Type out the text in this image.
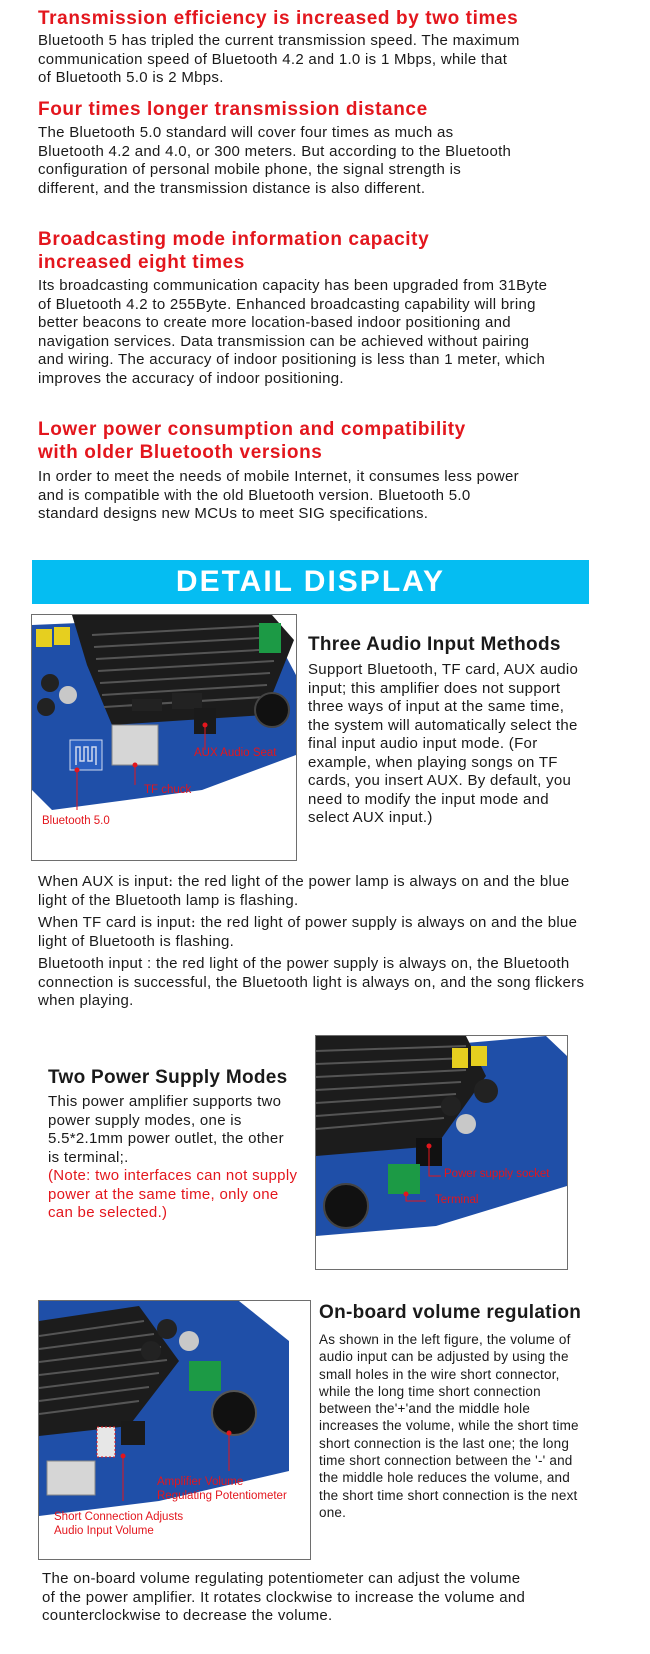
Transmission efficiency is increased by two times

Bluetooth 5 has tripled the current transmission speed. The maximum communication speed of Bluetooth 4.2 and 1.0 is 1 Mbps, while that of Bluetooth 5.0 is 2 Mbps.

Four times longer transmission distance

The Bluetooth 5.0 standard will cover four times as much as Bluetooth 4.2 and 4.0, or 300 meters. But according to the Bluetooth configuration of personal mobile phone, the signal strength is different, and the transmission distance is also different.

Broadcasting mode information capacity
increased eight times

Its broadcasting communication capacity has been upgraded from 31Byte of Bluetooth 4.2 to 255Byte. Enhanced broadcasting capability will bring better beacons to create more location-based indoor positioning and navigation services. Data transmission can be achieved without pairing and wiring. The accuracy of indoor positioning is less than 1 meter, which improves the accuracy of indoor positioning.

Lower power consumption and compatibility
with older Bluetooth versions

In order to meet the needs of mobile Internet, it consumes less power and is compatible with the old Bluetooth version. Bluetooth 5.0 standard designs new MCUs to meet SIG specifications.

DETAIL DISPLAY
AUX Audio Seat
TF chuck
Bluetooth 5.0
Three Audio Input Methods

Support Bluetooth, TF card, AUX audio input; this amplifier does not support three ways of input at the same time, the system will automatically select the final input audio input mode. (For example, when playing songs on TF cards, you insert AUX. By default, you need to modify the input mode and select AUX input.)

When AUX is input։ the red light of the power lamp is always on and the blue light of the Bluetooth lamp is flashing.

When TF card is input։ the red light of power supply is always on and the blue light of Bluetooth is flashing.

Bluetooth input : the red light of the power supply is always on, the Bluetooth connection is successful, the Bluetooth light is always on, and the song flickers when playing.

Two Power Supply Modes

This power amplifier supports two power supply modes, one is 5.5*2.1mm power outlet, the other is terminal;.

(Note: two interfaces can not supply power at the same time, only one can be selected.)

Power supply socket
Terminal
Amplifier Volume
Regulating Potentiometer
Short Connection Adjusts
Audio Input Volume
On-board volume regulation

As shown in the left figure, the volume of audio input can be adjusted by using the small holes in the wire short connector, while the long time short connection between the'+'and the middle hole increases the volume, while the short time short connection is the last one; the long time short connection between the '-' and the middle hole reduces the volume, and the short time short connection is the next one.

The on-board volume regulating potentiometer can adjust the volume of the power amplifier. It rotates clockwise to increase the volume and counterclockwise to decrease the volume.
